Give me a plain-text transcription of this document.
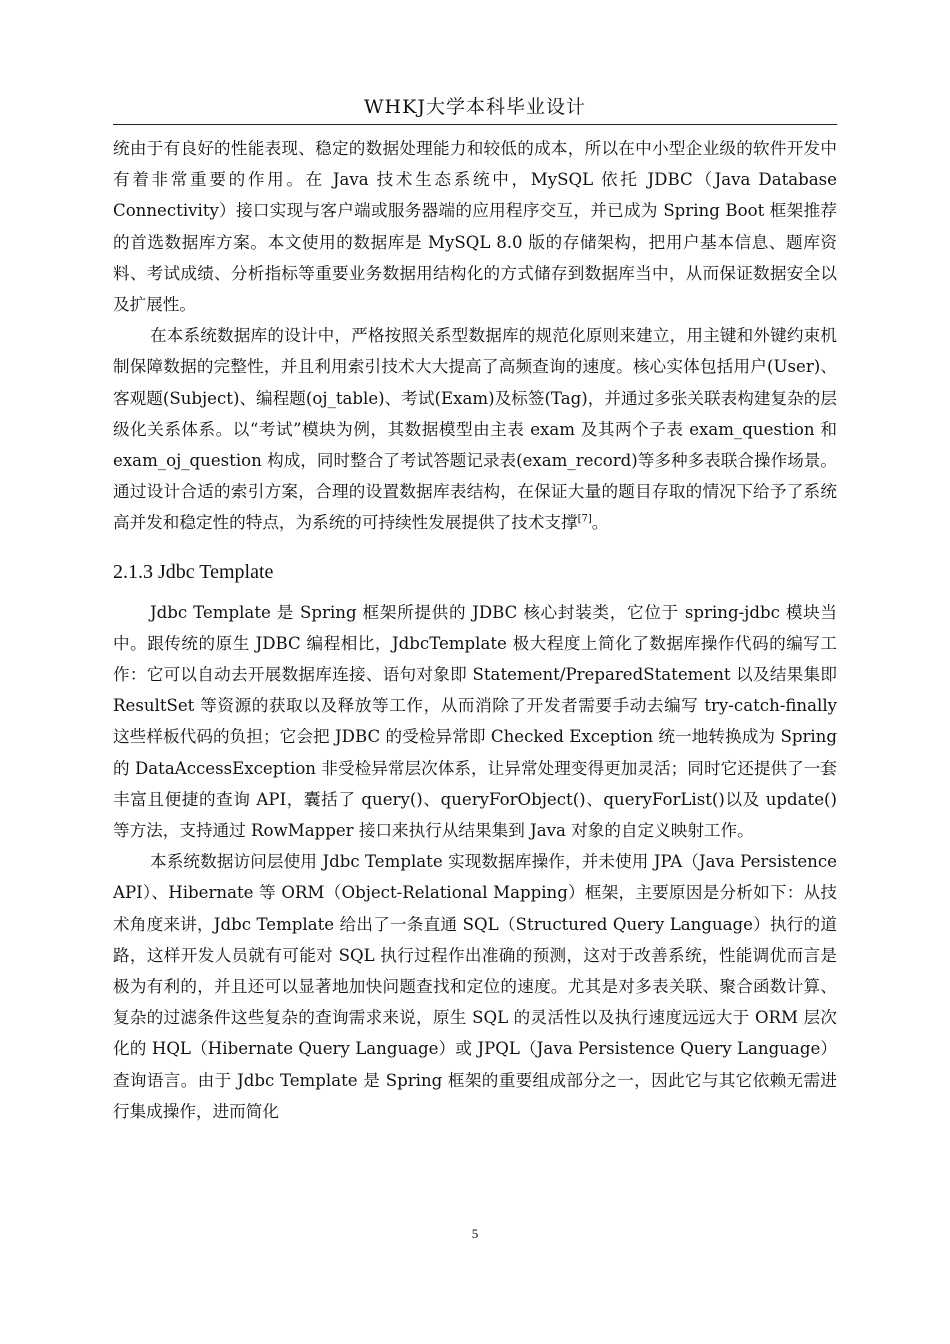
WHKJ大学本科毕业设计

统由于有良好的性能表现、稳定的数据处理能力和较低的成本，所以在中小型企业级的软件开发中有着非常重要的作用。在 Java 技术生态系统中，MySQL 依托 JDBC（Java Database Connectivity）接口实现与客户端或服务器端的应用程序交互，并已成为 Spring Boot 框架推荐的首选数据库方案。本文使用的数据库是 MySQL 8.0 版的存储架构，把用户基本信息、题库资料、考试成绩、分析指标等重要业务数据用结构化的方式储存到数据库当中，从而保证数据安全以及扩展性。

在本系统数据库的设计中，严格按照关系型数据库的规范化原则来建立，用主键和外键约束机制保障数据的完整性，并且利用索引技术大大提高了高频查询的速度。核心实体包括用户(User)、客观题(Subject)、编程题(oj_table)、考试(Exam)及标签(Tag)，并通过多张关联表构建复杂的层级化关系体系。以“考试”模块为例，其数据模型由主表 exam 及其两个子表 exam_question 和 exam_oj_question 构成，同时整合了考试答题记录表(exam_record)等多种多表联合操作场景。通过设计合适的索引方案，合理的设置数据库表结构，在保证大量的题目存取的情况下给予了系统高并发和稳定性的特点，为系统的可持续性发展提供了技术支撑[7]。

2.1.3 Jdbc Template

Jdbc Template 是 Spring 框架所提供的 JDBC 核心封装类，它位于 spring-jdbc 模块当中。跟传统的原生 JDBC 编程相比，JdbcTemplate 极大程度上简化了数据库操作代码的编写工作：它可以自动去开展数据库连接、语句对象即 Statement/PreparedStatement 以及结果集即 ResultSet 等资源的获取以及释放等工作，从而消除了开发者需要手动去编写 try-catch-finally 这些样板代码的负担；它会把 JDBC 的受检异常即 Checked Exception 统一地转换成为 Spring 的 DataAccessException 非受检异常层次体系，让异常处理变得更加灵活；同时它还提供了一套丰富且便捷的查询 API，囊括了 query()、queryForObject()、queryForList()以及 update()等方法，支持通过 RowMapper 接口来执行从结果集到 Java 对象的自定义映射工作。

本系统数据访问层使用 Jdbc Template 实现数据库操作，并未使用 JPA（Java Persistence API）、Hibernate 等 ORM（Object-Relational Mapping）框架，主要原因是分析如下：从技术角度来讲，Jdbc Template 给出了一条直通 SQL（Structured Query Language）执行的道路，这样开发人员就有可能对 SQL 执行过程作出准确的预测，这对于改善系统，性能调优而言是极为有利的，并且还可以显著地加快问题查找和定位的速度。尤其是对多表关联、聚合函数计算、复杂的过滤条件这些复杂的查询需求来说，原生 SQL 的灵活性以及执行速度远远大于 ORM 层次化的 HQL（Hibernate Query Language）或 JPQL（Java Persistence Query Language）查询语言。由于 Jdbc Template 是 Spring 框架的重要组成部分之一，因此它与其它依赖无需进行集成操作，进而简化

5
